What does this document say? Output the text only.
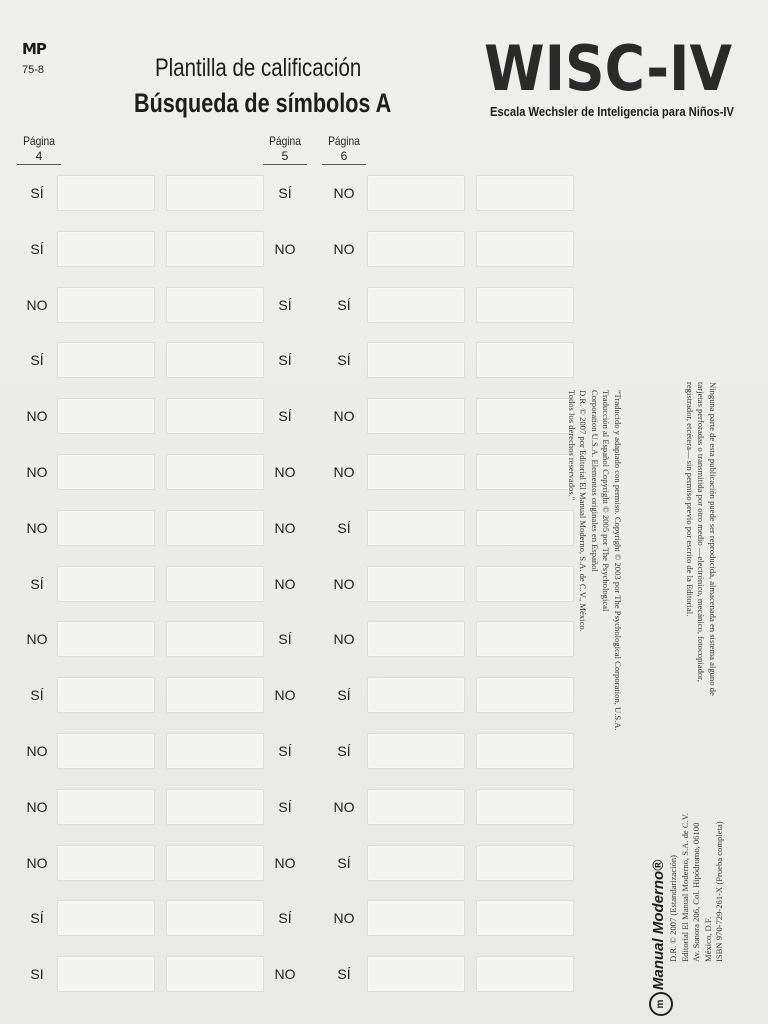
MP
75-8	Plantilla de calificación
Búsqueda de símbolos A WISC-IV
Escala Wechsler de Inteligencia para Niños-IV
Página
4
Página
5
Página
6
SÍ	SÍ	NO
SÍ	NO	NO
NO	SÍ	SÍ
SÍ	SÍ	SÍ
NO	SÍ	NO
NO	NO	NO
NO	NO	SÍ
SÍ	NO	NO
NO	SÍ	NO
SÍ	NO	SÍ
NO	SÍ	SÍ
NO	SÍ	NO
NO	NO	SÍ
SÍ	SÍ	NO
SI	NO	SÍ
"Traducido y adaptado con permiso. Copyright © 2003 por The Psychological Corporation, U.S.A.
Traducción al Español Copyright © 2005 por The Psychological
Corporation U.S.A. Elementos originales en Español
D.R. © 2007 por Editorial El Manual Moderno, S.A. de C.V., México.
Todos los derechos reservados."	Ninguna parte de esta publicación puede ser reproducida, almacenada en sistema alguno de
tarjetas perforadas o transmitida por otro medio —electrónico, mecánico, fotocopiador,
registrador, etcétera— sin permiso previo por escrito de la Editorial.
m
Manual Moderno® D.R. © 2007 (Estandarización) Editorial El Manual Moderno, S.A. de C.V. Av. Sonora 206, Col. Hipódromo, 06100 México, D.F. ISBN 970-729-261-X (Prueba completa)
